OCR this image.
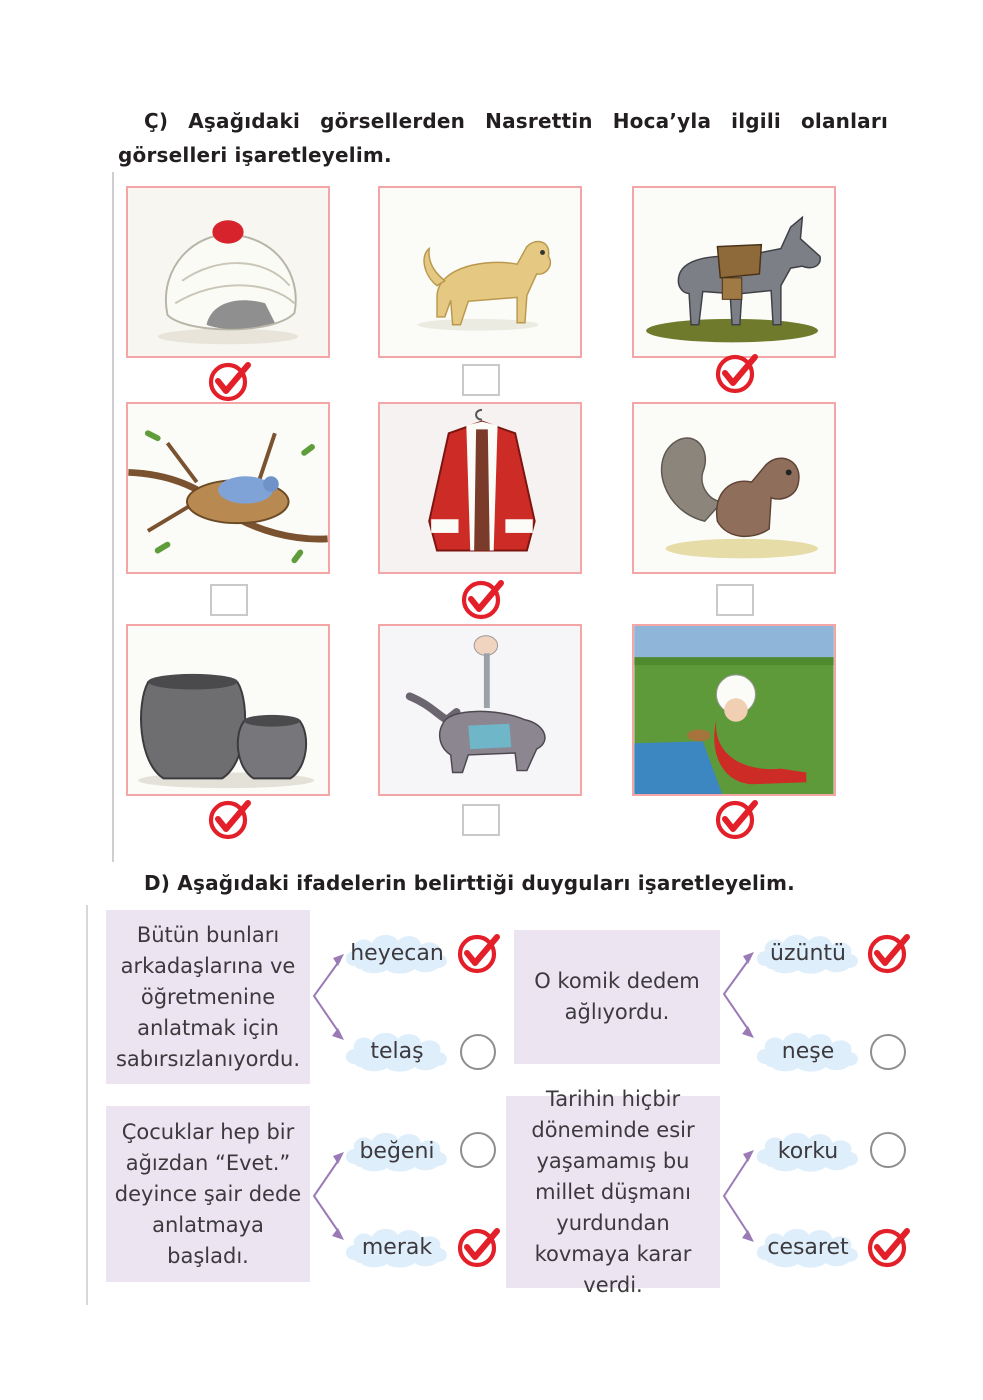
Ç) Aşağıdaki görsellerden Nasrettin Hoca’yla ilgili olanları görselleri işaretleyelim.
D) Aşağıdaki ifadelerin belirttiği duyguları işaretleyelim.
Bütün bunları arkadaşlarına ve öğretmenine anlatmak için sabırsızlanıyordu.
heyecan
telaş
O komik dedem ağlıyordu.
üzüntü
neşe
Çocuklar hep bir ağızdan “Evet.” deyince şair dede anlatmaya başladı.
beğeni
merak
Tarihin hiçbir döneminde esir yaşamamış bu millet düşmanı yurdundan kovmaya karar verdi.
korku
cesaret
